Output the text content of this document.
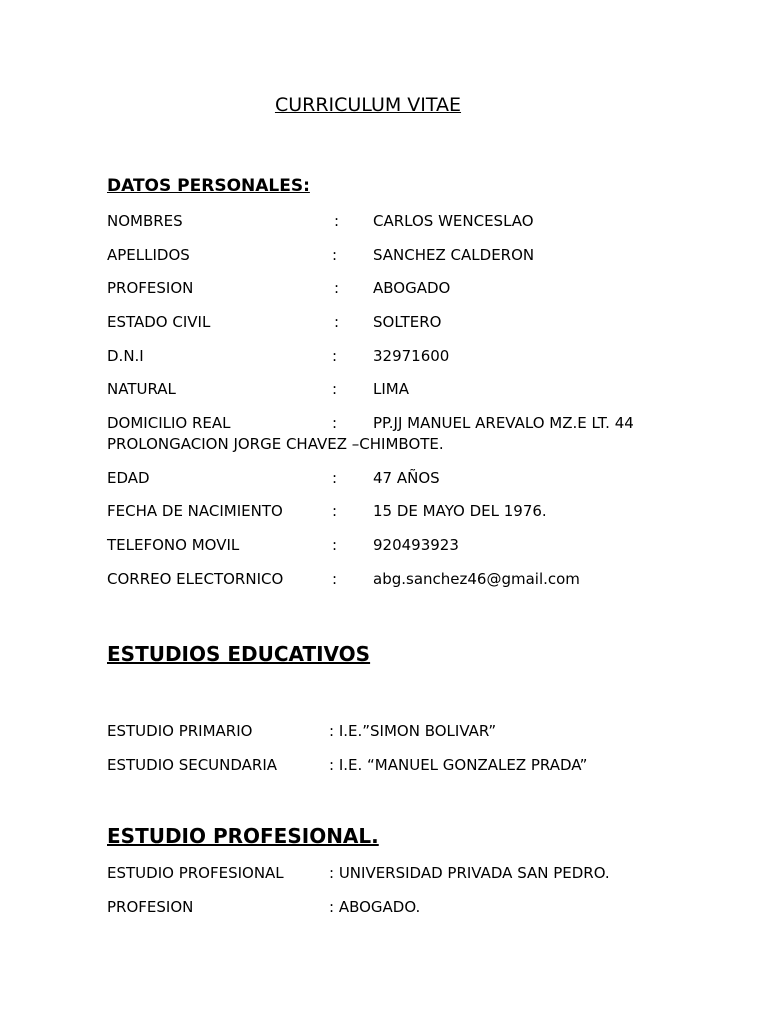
CURRICULUM VITAE
DATOS PERSONALES:
NOMBRES	: CARLOS WENCESLAO
APELLIDOS	: SANCHEZ CALDERON
PROFESION	: ABOGADO
ESTADO CIVIL	: SOLTERO
D.N.I	: 32971600
NATURAL	: LIMA
DOMICILIO REAL	: PP.JJ MANUEL AREVALO MZ.E LT. 44
PROLONGACION JORGE CHAVEZ –CHIMBOTE.
EDAD	: 47 AÑOS
FECHA DE NACIMIENTO	: 15 DE MAYO DEL 1976.
TELEFONO MOVIL	: 920493923
CORREO ELECTORNICO	: abg.sanchez46@gmail.com
ESTUDIOS EDUCATIVOS
ESTUDIO PRIMARIO	: I.E.”SIMON BOLIVAR”
ESTUDIO SECUNDARIA	: I.E. “MANUEL GONZALEZ PRADA”
ESTUDIO PROFESIONAL.
ESTUDIO PROFESIONAL	: UNIVERSIDAD PRIVADA SAN PEDRO.
PROFESION	: ABOGADO.
